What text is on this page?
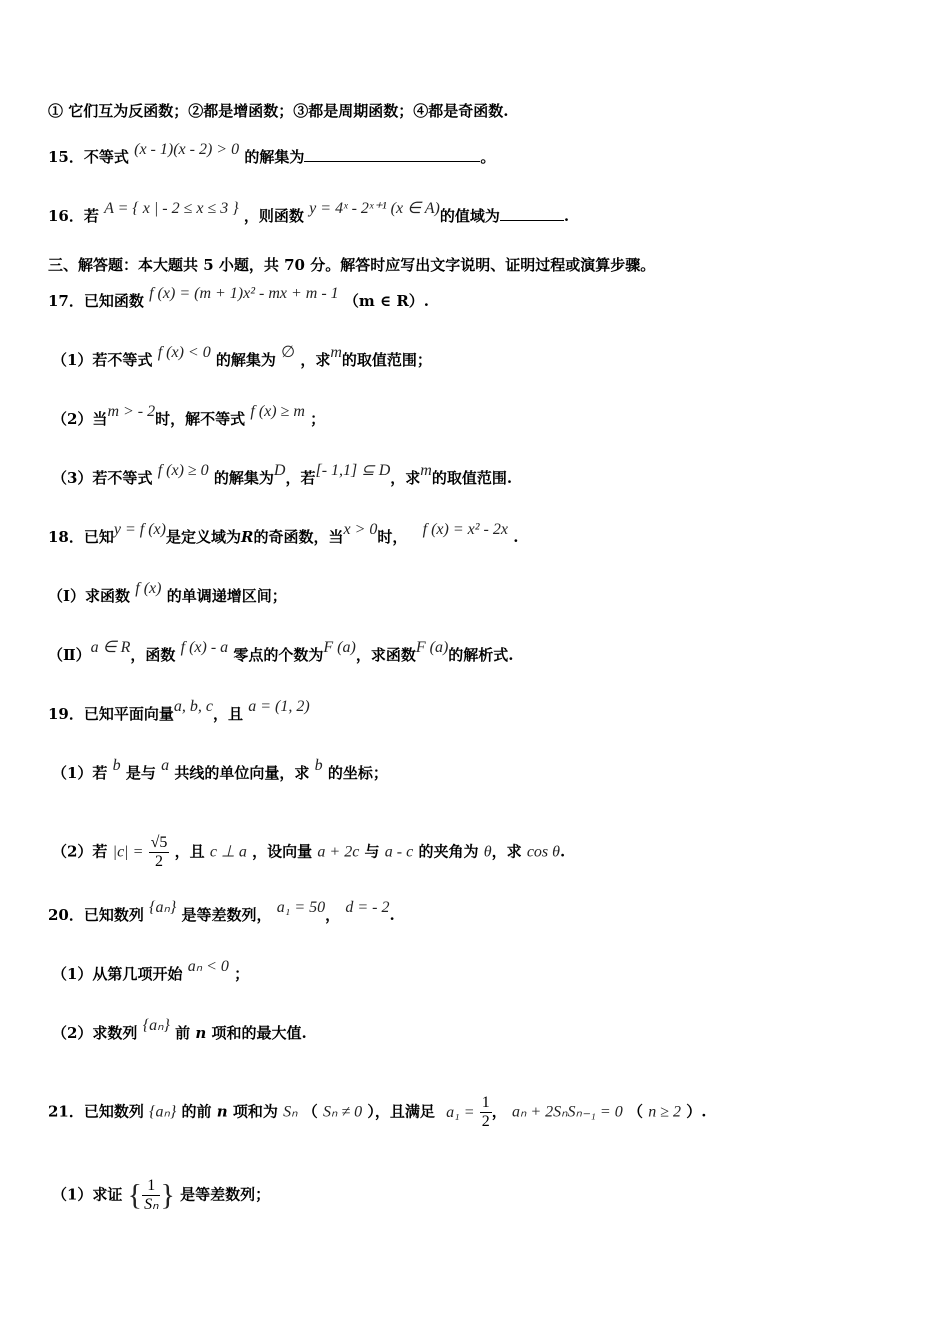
① 它们互为反函数；②都是增函数；③都是周期函数；④都是奇函数.
15．不等式 (x - 1)(x - 2) > 0 的解集为	。
16．若 A = { x | - 2 ≤ x ≤ 3 } ，则函数 y = 4ˣ - 2ˣ⁺¹ (x ∈ A)的值域为	.
三、解答题：本大题共 5 小题，共 70 分。解答时应写出文字说明、证明过程或演算步骤。
17．已知函数 f (x) = (m + 1)x² - mx + m - 1 （m ∈ R）.
（1）若不等式 f (x) < 0 的解集为 ∅ ，求m的取值范围；
（2）当m > - 2时，解不等式 f (x) ≥ m ；
（3）若不等式 f (x) ≥ 0 的解集为D，若[- 1,1] ⊆ D，求m的取值范围.
18．已知y = f (x)是定义域为R的奇函数，当x > 0时， f (x) = x² - 2x .
（Ⅰ）求函数 f (x) 的单调递增区间；
（Ⅱ）a ∈ R，函数 f (x) - a 零点的个数为F (a)，求函数F (a)的解析式.
19．已知平面向量a, b, c，且 a = (1, 2)
（1）若 b 是与 a 共线的单位向量，求 b 的坐标；
（2）若 $|c| = \frac{√5}{2}$ ，且 c ⊥ a ，设向量 a + 2c 与 a - c 的夹角为 θ，求 cos θ.
20．已知数列 {aₙ} 是等差数列， a₁ = 50， d = - 2.
（1）从第几项开始 aₙ < 0 ；
（2）求数列 {aₙ} 前 n 项和的最大值.
21．已知数列 {aₙ} 的前 n 项和为 Sₙ （ Sₙ ≠ 0 ），且满足 $a_1 = \frac{1}{2}$ ， aₙ + 2SₙSₙ₋₁ = 0 （ n ≥ 2 ）.
（1）求证 { $\frac{1}{\text{Sₙ}}$ } 是等差数列；
